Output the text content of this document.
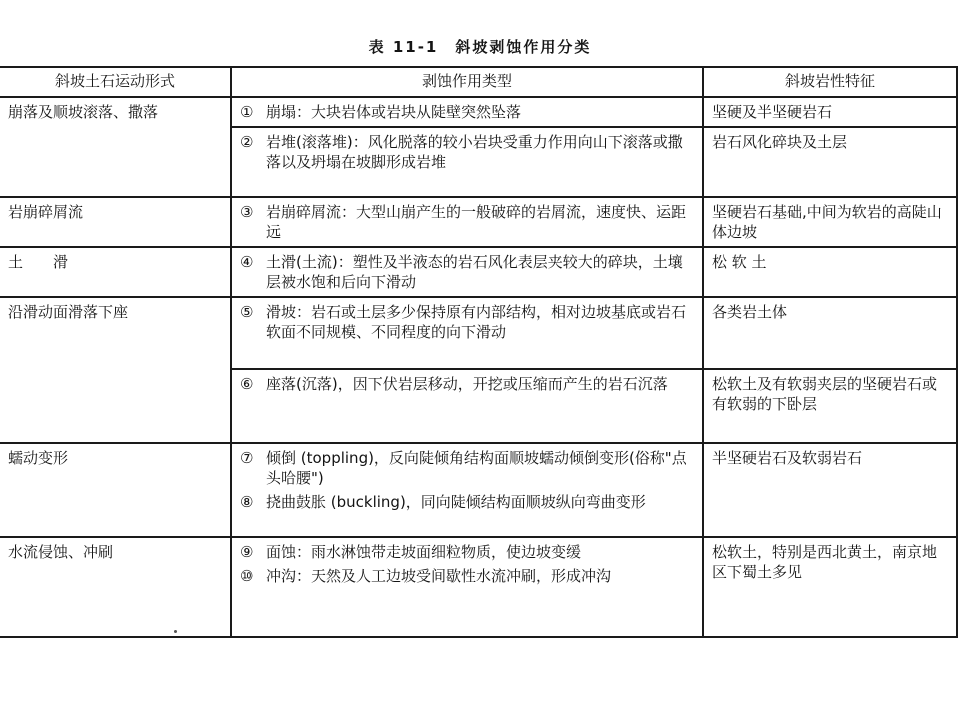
表 11-1　斜坡剥蚀作用分类
斜坡土石运动形式	剥蚀作用类型	斜坡岩性特征
崩落及顺坡滚落、撒落	① 崩塌：大块岩体或岩块从陡壁突然坠落	坚硬及半坚硬岩石

	② 岩堆(滚落堆)：风化脱落的较小岩块受重力作用向山下滚落或撒落以及坍塌在坡脚形成岩堆	岩石风化碎块及土层
岩崩碎屑流	③ 岩崩碎屑流：大型山崩产生的一般破碎的岩屑流，速度快、运距远	坚硬岩石基础,中间为软岩的高陡山体边坡
土　　滑	④ 土滑(土流)：塑性及半液态的岩石风化表层夹较大的碎块，土壤层被水饱和后向下滑动	松 软 土
沿滑动面滑落下座	⑤ 滑坡：岩石或土层多少保持原有内部结构，相对边坡基底或岩石软面不同规模、不同程度的向下滑动	各类岩土体

	⑥ 座落(沉落)，因下伏岩层移动，开挖或压缩而产生的岩石沉落	松软土及有软弱夹层的坚硬岩石或有软弱的下卧层
蠕动变形	⑦ 倾倒 (toppling)，反向陡倾角结构面顺坡蠕动倾倒变形(俗称"点头哈腰")
⑧ 挠曲鼓胀 (buckling)，同向陡倾结构面顺坡纵向弯曲变形	半坚硬岩石及软弱岩石
水流侵蚀、冲刷	⑨ 面蚀：雨水淋蚀带走坡面细粒物质，使边坡变缓
⑩ 冲沟：天然及人工边坡受间歇性水流冲刷，形成冲沟	松软土，特别是西北黄土，南京地区下蜀土多见
